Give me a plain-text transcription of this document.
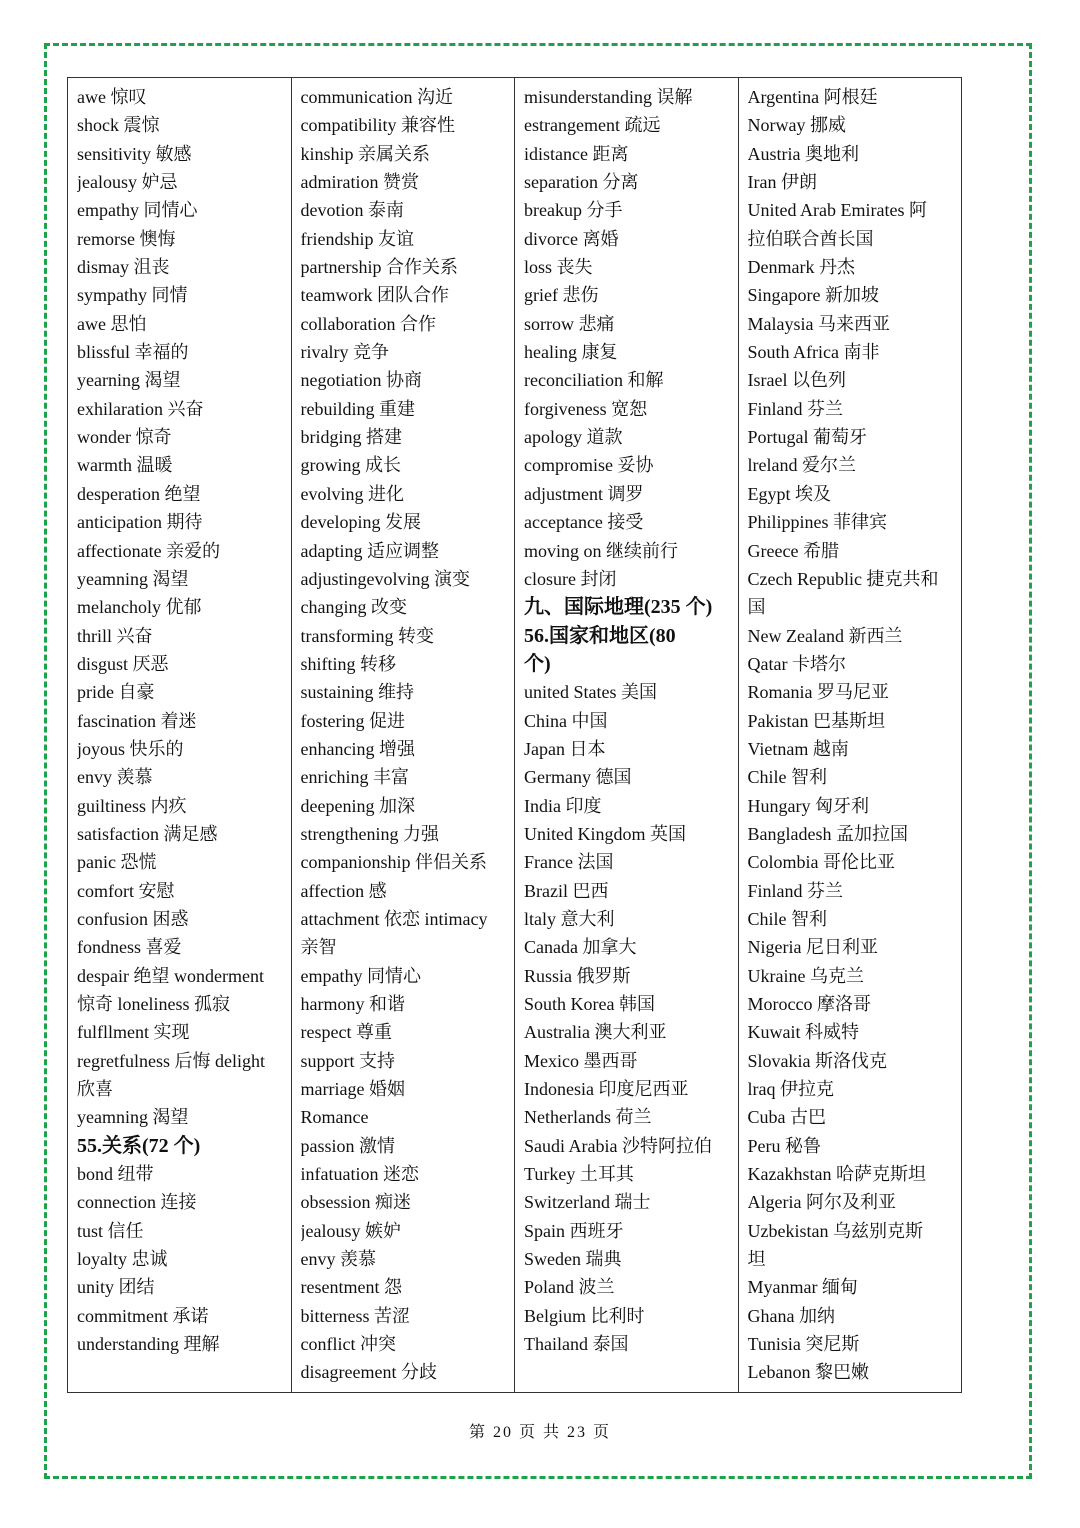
awe 惊叹
shock 震惊
sensitivity 敏感
jealousy 妒忌
empathy 同情心
remorse 懊悔
dismay 沮丧
sympathy 同情
awe 思怕
blissful 幸福的
yearning 渴望
exhilaration 兴奋
wonder 惊奇
warmth 温暖
desperation 绝望
anticipation 期待
affectionate 亲爱的
yeamning 渴望
melancholy 优郁
thrill 兴奋
disgust 厌恶
pride 自豪
fascination 着迷
joyous 快乐的
envy 羡慕
guiltiness 内疚
satisfaction 满足感
panic 恐慌
comfort 安慰
confusion 困惑
fondness 喜爱
despair 绝望 wonderment
惊奇 loneliness 孤寂
fulfllment 实现
regretfulness 后悔 delight
欣喜
yeamning 渴望
55.关系(72 个)
bond 纽带
connection 连接
tust 信任
loyalty 忠诚
unity 团结
commitment 承诺
understanding 理解
communication 沟近
compatibility 兼容性
kinship 亲属关系
admiration 赞赏
devotion 泰南
friendship 友谊
partnership 合作关系
teamwork 团队合作
collaboration 合作
rivalry 竞争
negotiation 协商
rebuilding 重建
bridging 搭建
growing 成长
evolving 进化
developing 发展
adapting 适应调整
adjustingevolving 演变
changing 改变
transforming 转变
shifting 转移
sustaining 维持
fostering 促进
enhancing 增强
enriching 丰富
deepening 加深
strengthening 力强
companionship 伴侣关系
affection 感
attachment 依恋 intimacy
亲智
empathy 同情心
harmony 和谐
respect 尊重
support 支持
marriage 婚姻
Romance
passion 激情
infatuation 迷恋
obsession 痴迷
jealousy 嫉妒
envy 羡慕
resentment 怨
bitterness 苦涩
conflict 冲突
disagreement 分歧
misunderstanding 误解
estrangement 疏远
idistance 距离
separation 分离
breakup 分手
divorce 离婚
loss 丧失
grief 悲伤
sorrow 悲痛
healing 康复
reconciliation 和解
forgiveness 宽恕
apology 道款
compromise 妥协
adjustment 调罗
acceptance 接受
moving on 继续前行
closure 封闭
九、国际地理(235 个)
56.国家和地区(80
个)
united States 美国
China 中国
Japan 日本
Germany 德国
India 印度
United Kingdom 英国
France 法国
Brazil 巴西
ltaly 意大利
Canada 加拿大
Russia 俄罗斯
South Korea 韩国
Australia 澳大利亚
Mexico 墨西哥
Indonesia 印度尼西亚
Netherlands 荷兰
Saudi Arabia 沙特阿拉伯
Turkey 土耳其
Switzerland 瑞士
Spain 西班牙
Sweden 瑞典
Poland 波兰
Belgium 比利时
Thailand 泰国
Argentina 阿根廷
Norway 挪威
Austria 奥地利
Iran 伊朗
United Arab Emirates 阿
拉伯联合酋长国
Denmark 丹杰
Singapore 新加坡
Malaysia 马来西亚
South Africa 南非
Israel 以色列
Finland 芬兰
Portugal 葡萄牙
lreland 爱尔兰
Egypt 埃及
Philippines 菲律宾
Greece 希腊
Czech Republic 捷克共和
国
New Zealand 新西兰
Qatar 卡塔尔
Romania 罗马尼亚
Pakistan 巴基斯坦
Vietnam 越南
Chile 智利
Hungary 匈牙利
Bangladesh 孟加拉国
Colombia 哥伦比亚
Finland 芬兰
Chile 智利
Nigeria 尼日利亚
Ukraine 乌克兰
Morocco 摩洛哥
Kuwait 科威特
Slovakia 斯洛伐克
lraq 伊拉克
Cuba 古巴
Peru 秘鲁
Kazakhstan 哈萨克斯坦
Algeria 阿尔及利亚
Uzbekistan 乌兹别克斯
坦
Myanmar 缅甸
Ghana 加纳
Tunisia 突尼斯
Lebanon 黎巴嫩
第 20 页 共 23 页
